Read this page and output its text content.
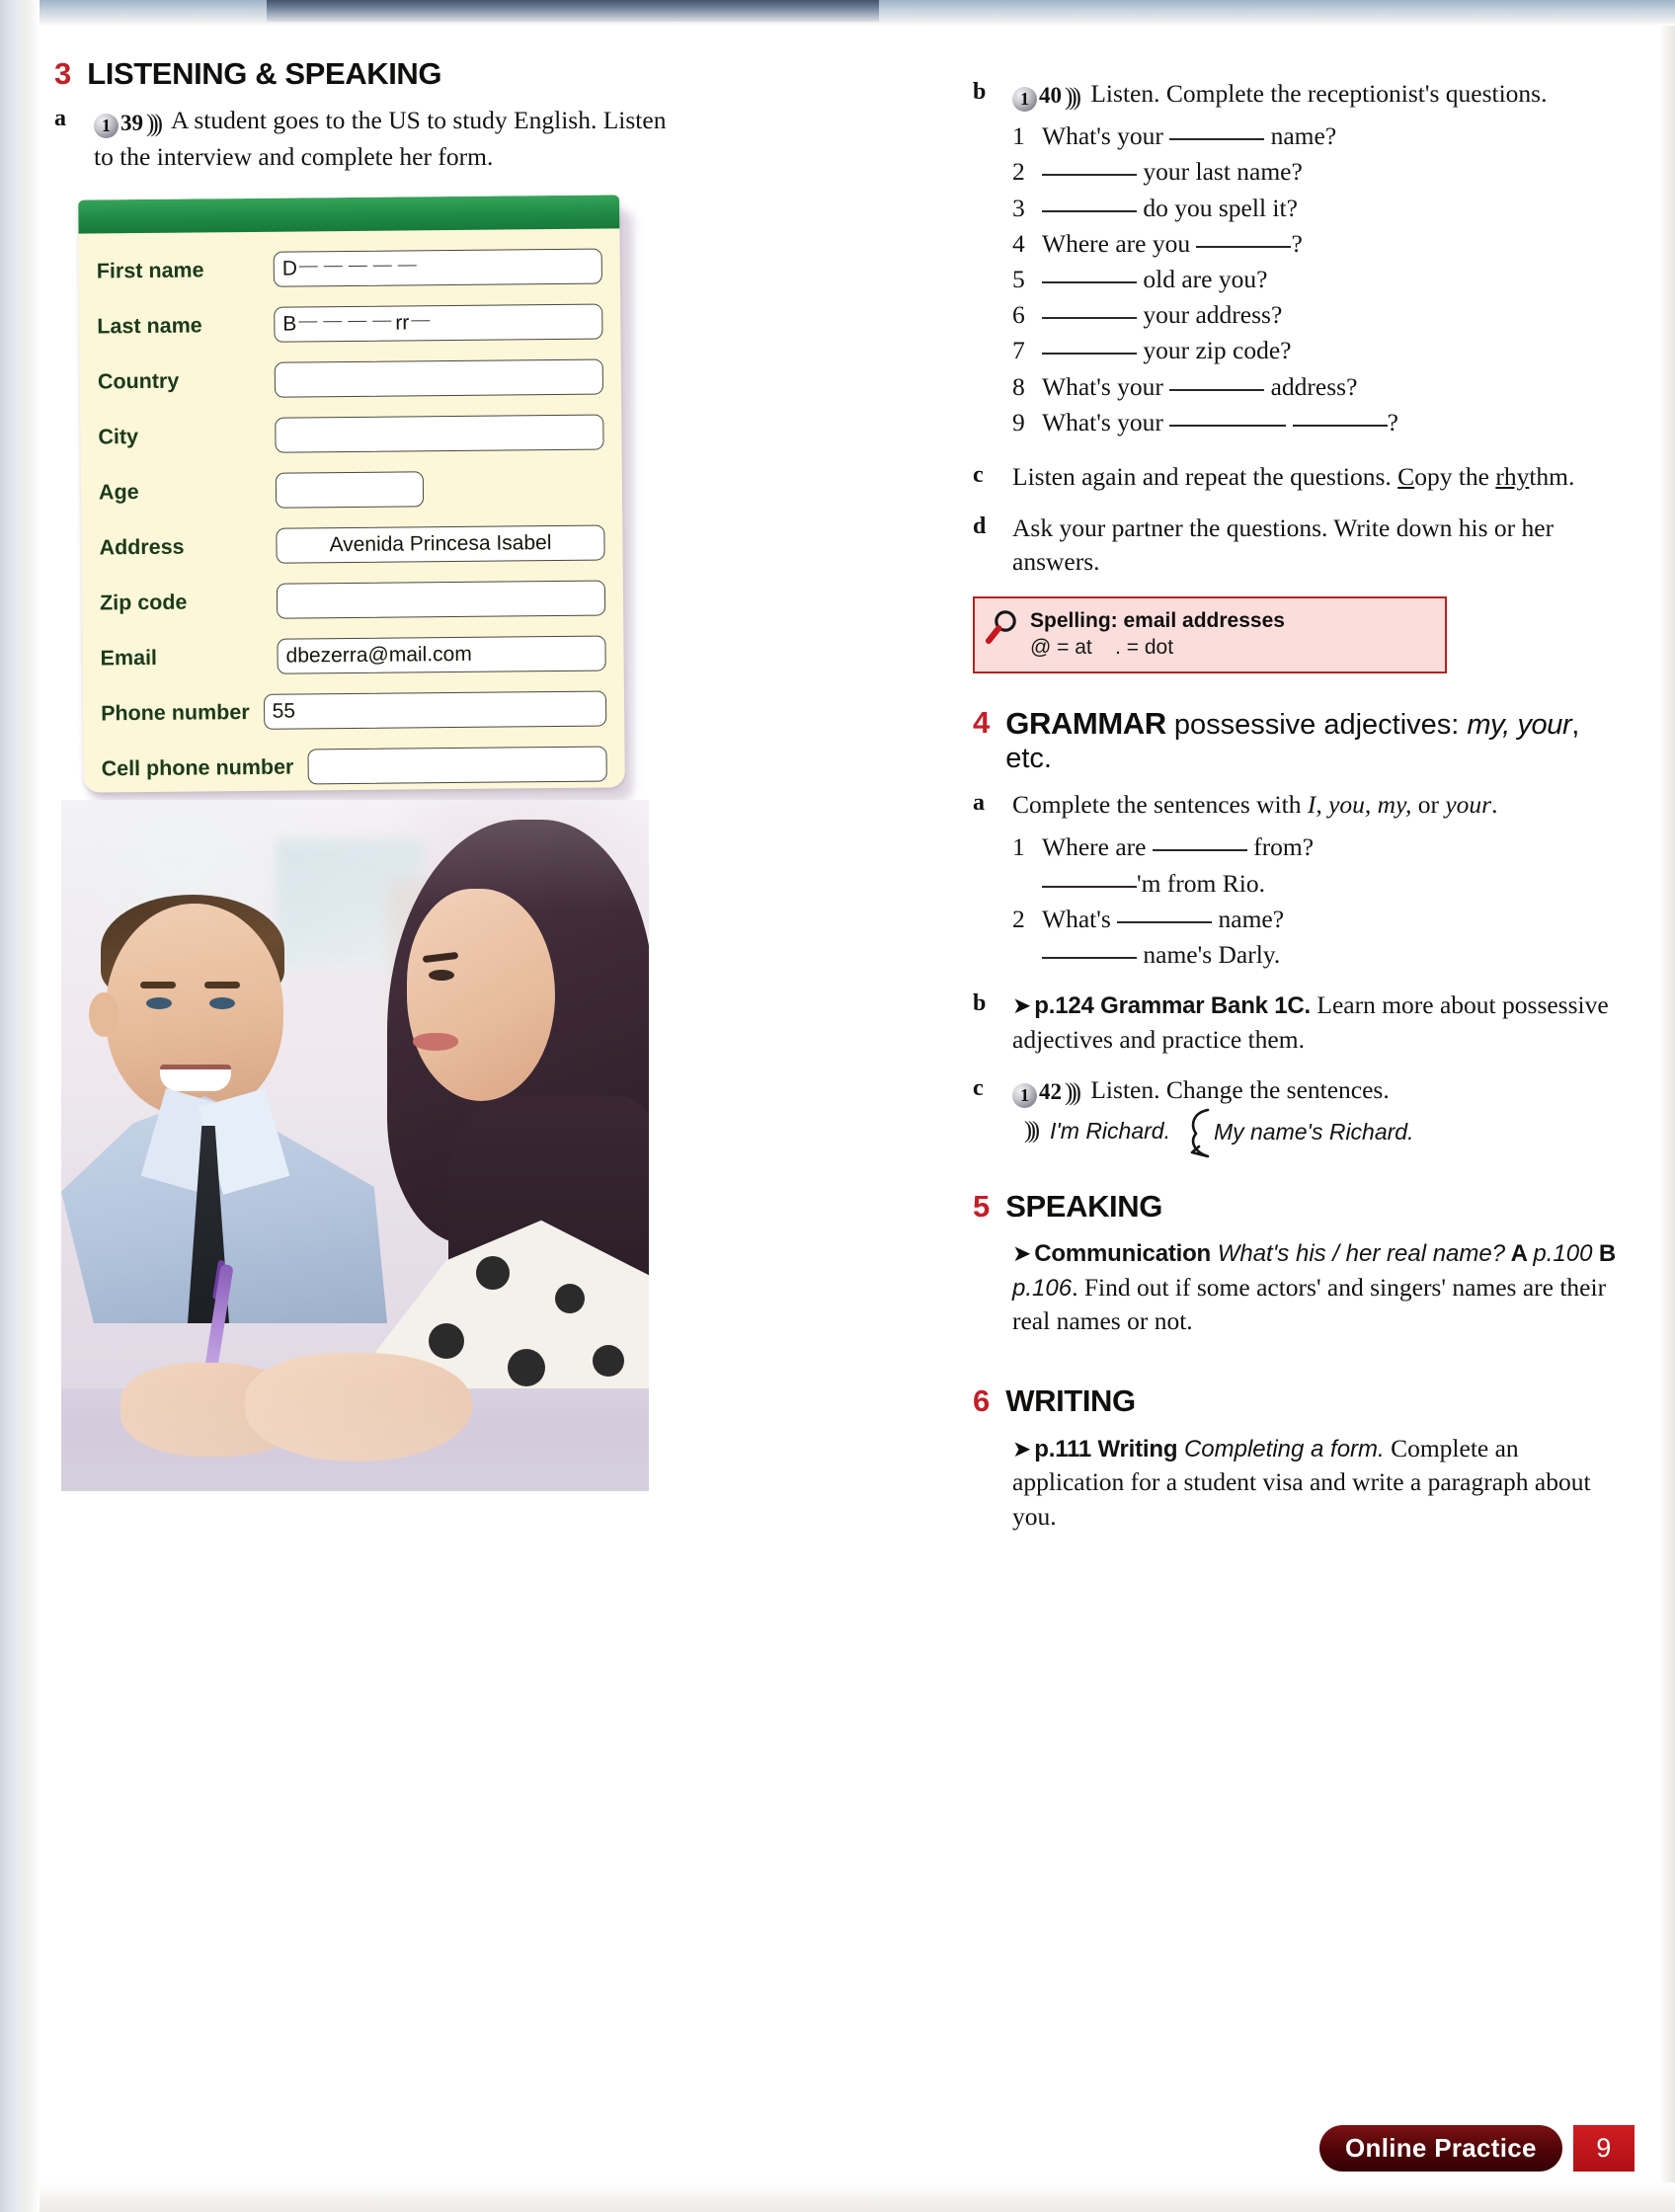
3 LISTENING & SPEAKING
a	1 39 ))) A student goes to the US to study English. Listen to the interview and complete her form.
First name	D
Last name	B	rr
Country
City
Age
Address	Avenida Princesa Isabel
Zip code
Email	dbezerra@mail.com
Phone number 55
Cell phone number
b	1 40 ))) Listen. Complete the receptionist's questions.
1 What's your	name?
2	your last name?
3	do you spell it?
4 Where are you	?
5	old are you?
6	your address?
7	your zip code?
8 What's your	address?
9 What's your	?
c	Listen again and repeat the questions. Copy the rhythm.
d	Ask your partner the questions. Write down his or her answers.
Spelling: email addresses
@ = at    . = dot
4 GRAMMAR possessive adjectives: my, your, etc.
a	Complete the sentences with I, you, my, or your.
1 Where are	from?
'm from Rio.
2 What's	name?
name's Darly.
b	➤ p.124 Grammar Bank 1C. Learn more about possessive adjectives and practice them.
c	1 42 ))) Listen. Change the sentences.
))) I'm Richard.	My name's Richard.
5 SPEAKING
➤ Communication What's his / her real name? A p.100 B p.106. Find out if some actors' and singers' names are their real names or not.
6 WRITING
➤ p.111 Writing Completing a form. Complete an application for a student visa and write a paragraph about you.
Online Practice	9
